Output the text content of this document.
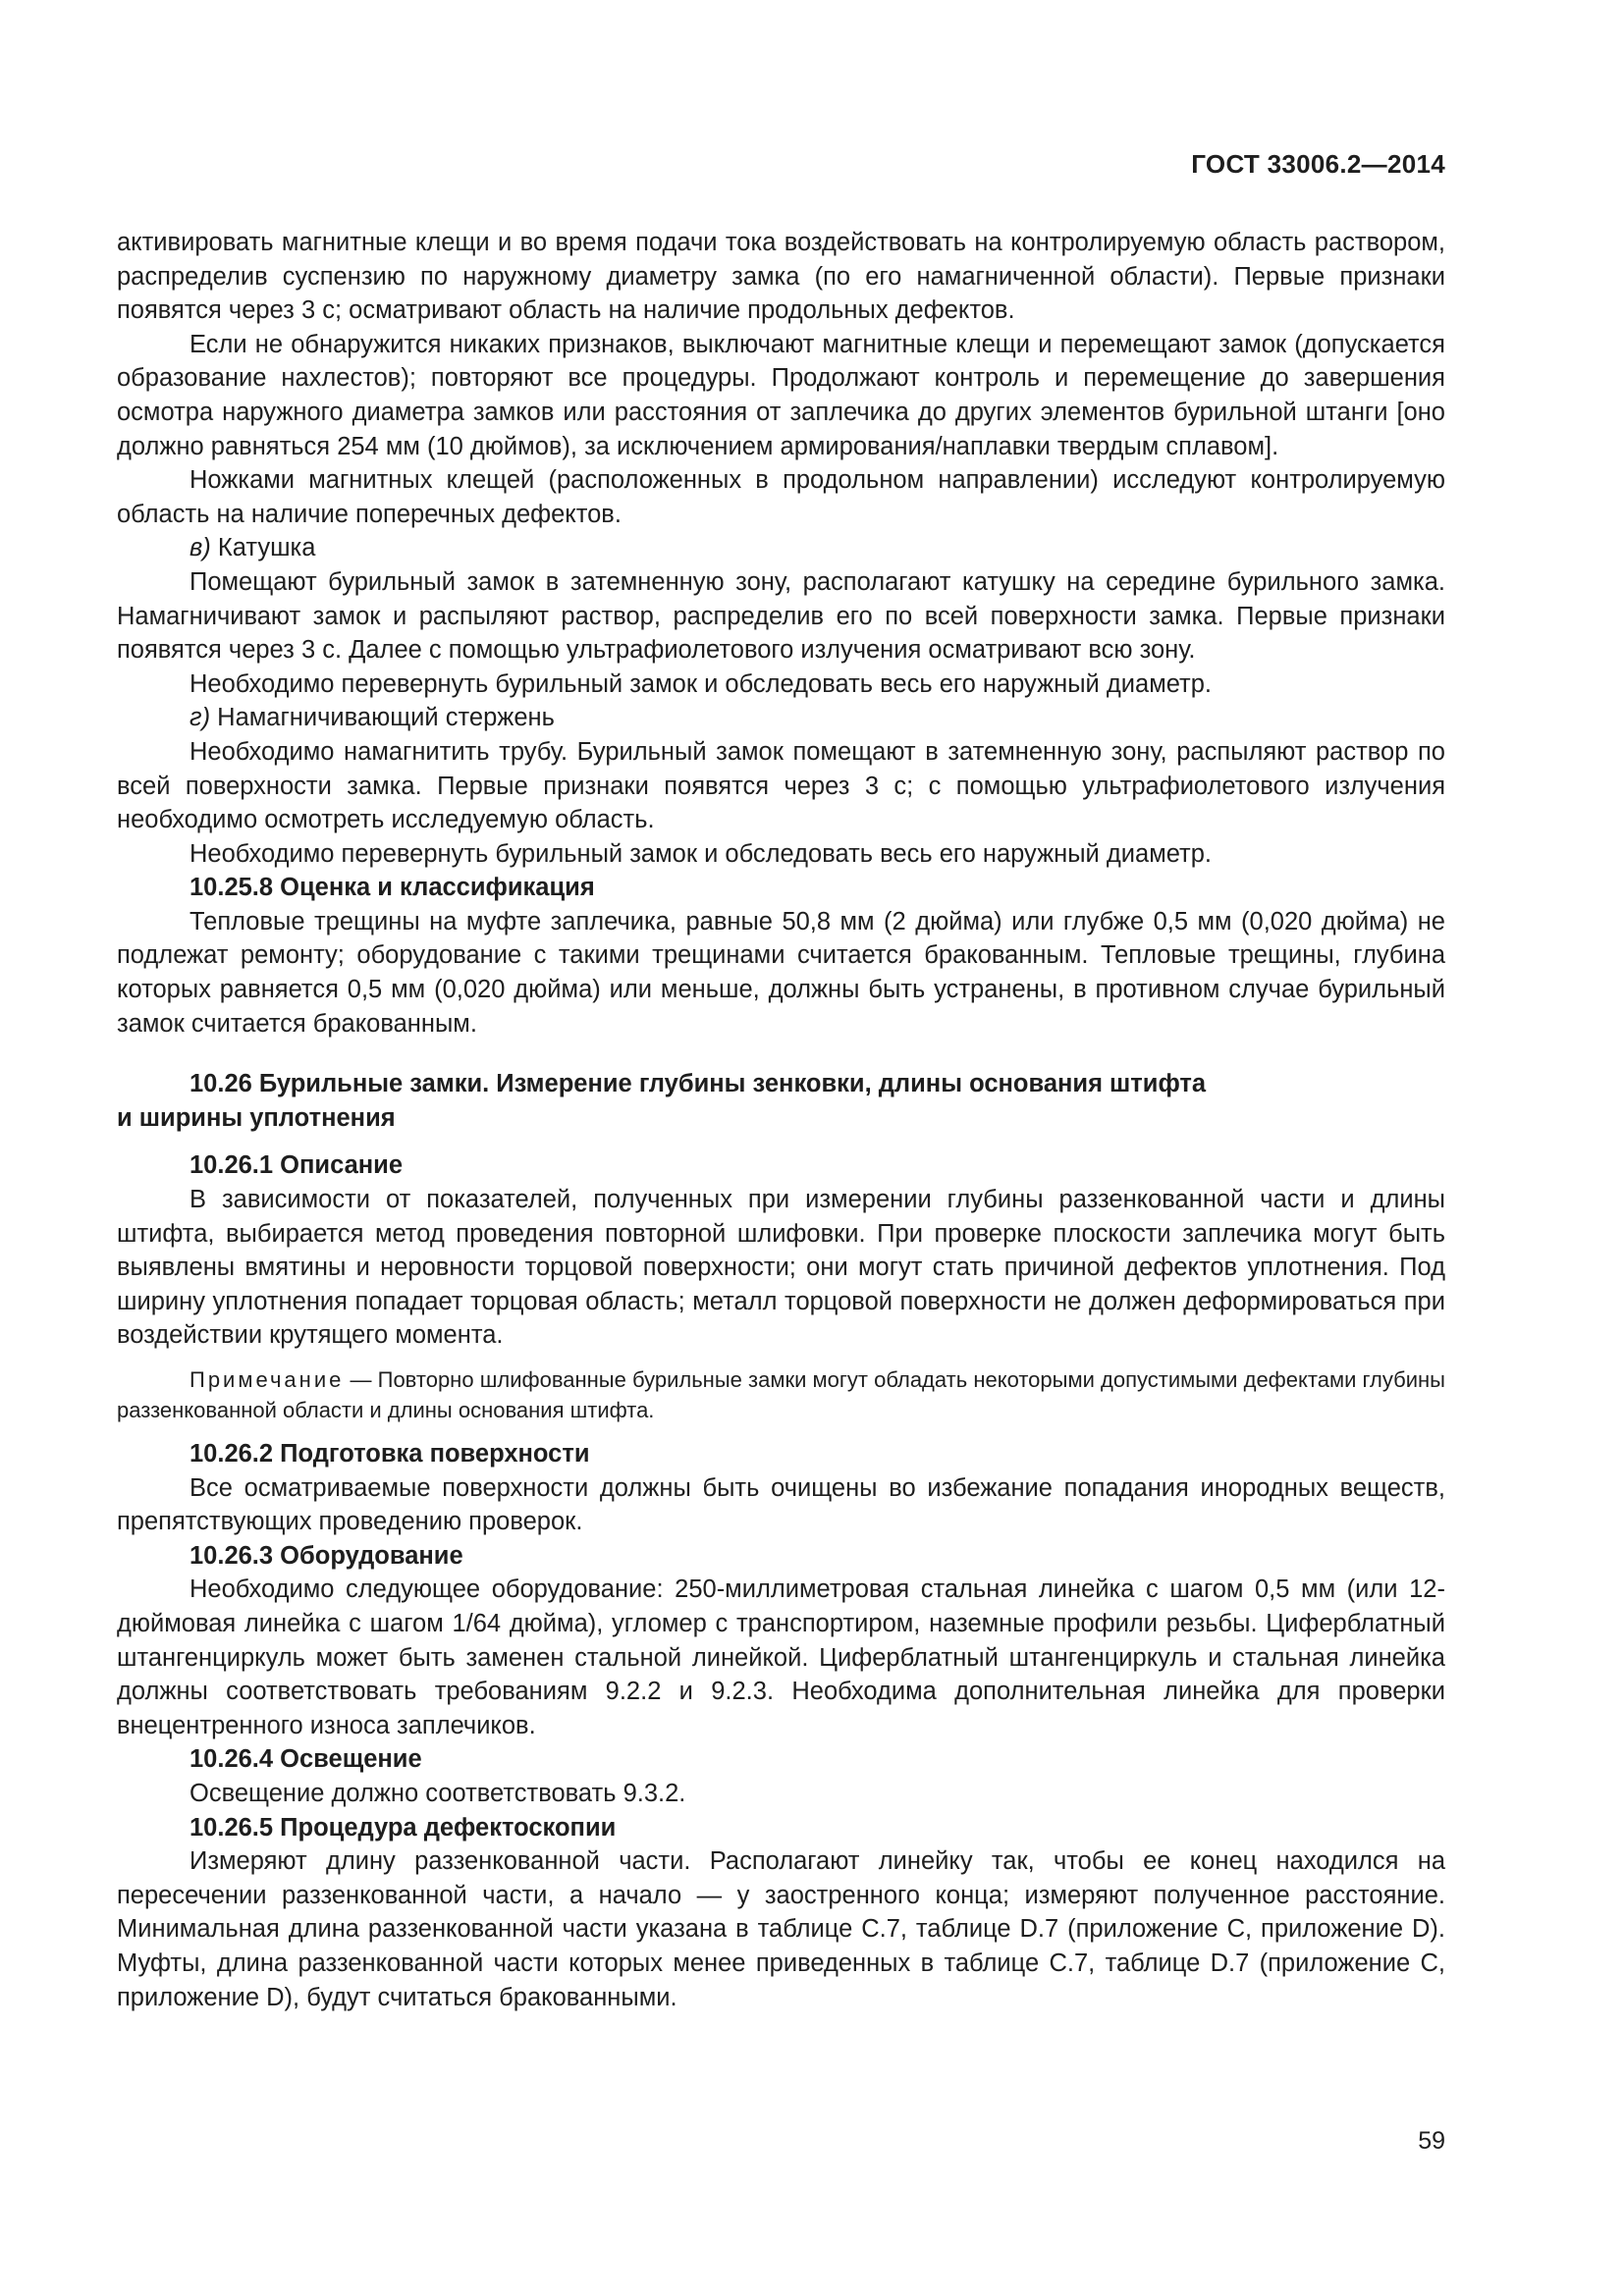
ГОСТ 33006.2—2014

активировать магнитные клещи и во время подачи тока воздействовать на контролируемую область раствором, распределив суспензию по наружному диаметру замка (по его намагниченной области). Первые признаки появятся через 3 с; осматривают область на наличие продольных дефектов.

Если не обнаружится никаких признаков, выключают магнитные клещи и перемещают замок (допускается образование нахлестов); повторяют все процедуры. Продолжают контроль и перемещение до завершения осмотра наружного диаметра замков или расстояния от заплечика до других элементов бурильной штанги [оно должно равняться 254 мм (10 дюймов), за исключением армирования/наплавки твердым сплавом].

Ножками магнитных клещей (расположенных в продольном направлении) исследуют контролируемую область на наличие поперечных дефектов.

в) Катушка

Помещают бурильный замок в затемненную зону, располагают катушку на середине бурильного замка. Намагничивают замок и распыляют раствор, распределив его по всей поверхности замка. Первые признаки появятся через 3 с. Далее с помощью ультрафиолетового излучения осматривают всю зону.

Необходимо перевернуть бурильный замок и обследовать весь его наружный диаметр.

г) Намагничивающий стержень

Необходимо намагнитить трубу. Бурильный замок помещают в затемненную зону, распыляют раствор по всей поверхности замка. Первые признаки появятся через 3 с; с помощью ультрафиолетового излучения необходимо осмотреть исследуемую область.

Необходимо перевернуть бурильный замок и обследовать весь его наружный диаметр.

10.25.8 Оценка и классификация

Тепловые трещины на муфте заплечика, равные 50,8 мм (2 дюйма) или глубже 0,5 мм (0,020 дюйма) не подлежат ремонту; оборудование с такими трещинами считается бракованным. Тепловые трещины, глубина которых равняется 0,5 мм (0,020 дюйма) или меньше, должны быть устранены, в противном случае бурильный замок считается бракованным.

10.26 Бурильные замки. Измерение глубины зенковки, длины основания штифта
и ширины уплотнения

10.26.1 Описание

В зависимости от показателей, полученных при измерении глубины раззенкованной части и длины штифта, выбирается метод проведения повторной шлифовки. При проверке плоскости заплечика могут быть выявлены вмятины и неровности торцовой поверхности; они могут стать причиной дефектов уплотнения. Под ширину уплотнения попадает торцовая область; металл торцовой поверхности не должен деформироваться при воздействии крутящего момента.

Примечание — Повторно шлифованные бурильные замки могут обладать некоторыми допустимыми дефектами глубины раззенкованной области и длины основания штифта.

10.26.2 Подготовка поверхности

Все осматриваемые поверхности должны быть очищены во избежание попадания инородных веществ, препятствующих проведению проверок.

10.26.3 Оборудование

Необходимо следующее оборудование: 250-миллиметровая стальная линейка с шагом 0,5 мм (или 12-дюймовая линейка с шагом 1/64 дюйма), угломер с транспортиром, наземные профили резьбы. Циферблатный штангенциркуль может быть заменен стальной линейкой. Циферблатный штангенциркуль и стальная линейка должны соответствовать требованиям 9.2.2 и 9.2.3. Необходима дополнительная линейка для проверки внецентренного износа заплечиков.

10.26.4 Освещение

Освещение должно соответствовать 9.3.2.

10.26.5 Процедура дефектоскопии

Измеряют длину раззенкованной части. Располагают линейку так, чтобы ее конец находился на пересечении раззенкованной части, а начало — у заостренного конца; измеряют полученное расстояние. Минимальная длина раззенкованной части указана в таблице С.7, таблице D.7 (приложение С, приложение D). Муфты, длина раззенкованной части которых менее приведенных в таблице С.7, таблице D.7 (приложение С, приложение D), будут считаться бракованными.

59
